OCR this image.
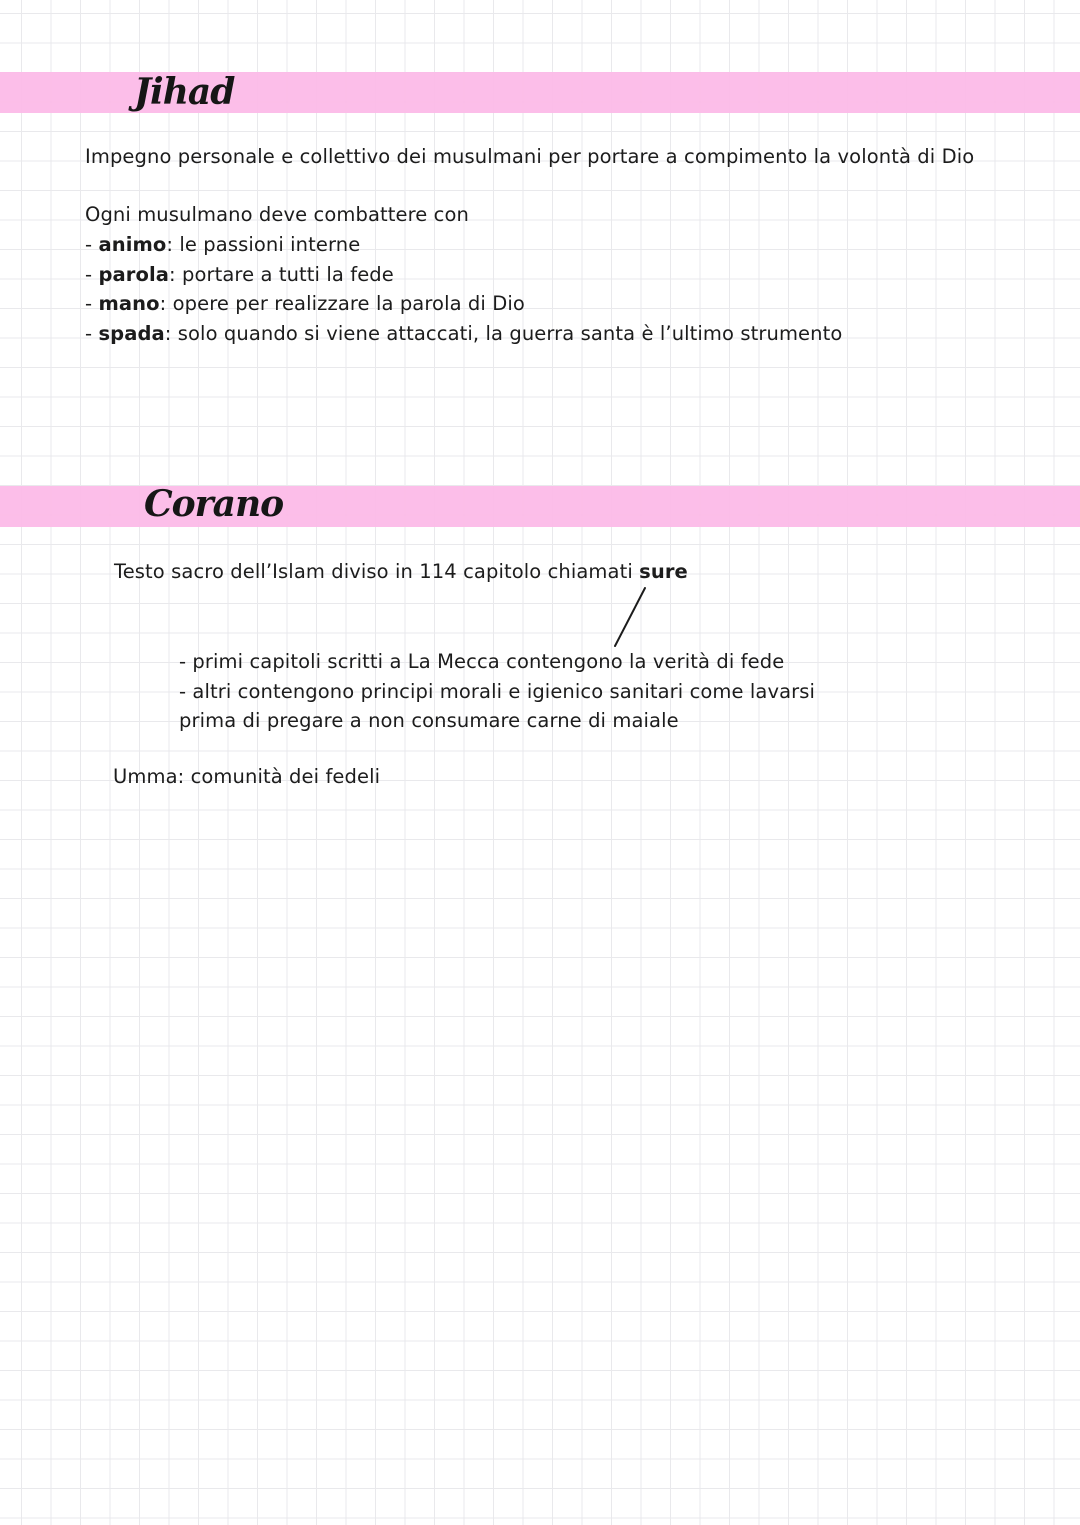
Jihad
Impegno personale e collettivo dei musulmani per portare a compimento la volontà di Dio
Ogni musulmano deve combattere con
- animo: le passioni interne
- parola: portare a tutti la fede
- mano: opere per realizzare la parola di Dio
- spada: solo quando si viene attaccati, la guerra santa è l’ultimo strumento
Corano
Testo sacro dell’Islam diviso in 114 capitolo chiamati sure
- primi capitoli scritti a La Mecca contengono la verità di fede
- altri contengono principi morali e igienico sanitari come lavarsi
prima di pregare a non consumare carne di maiale
Umma: comunità dei fedeli
